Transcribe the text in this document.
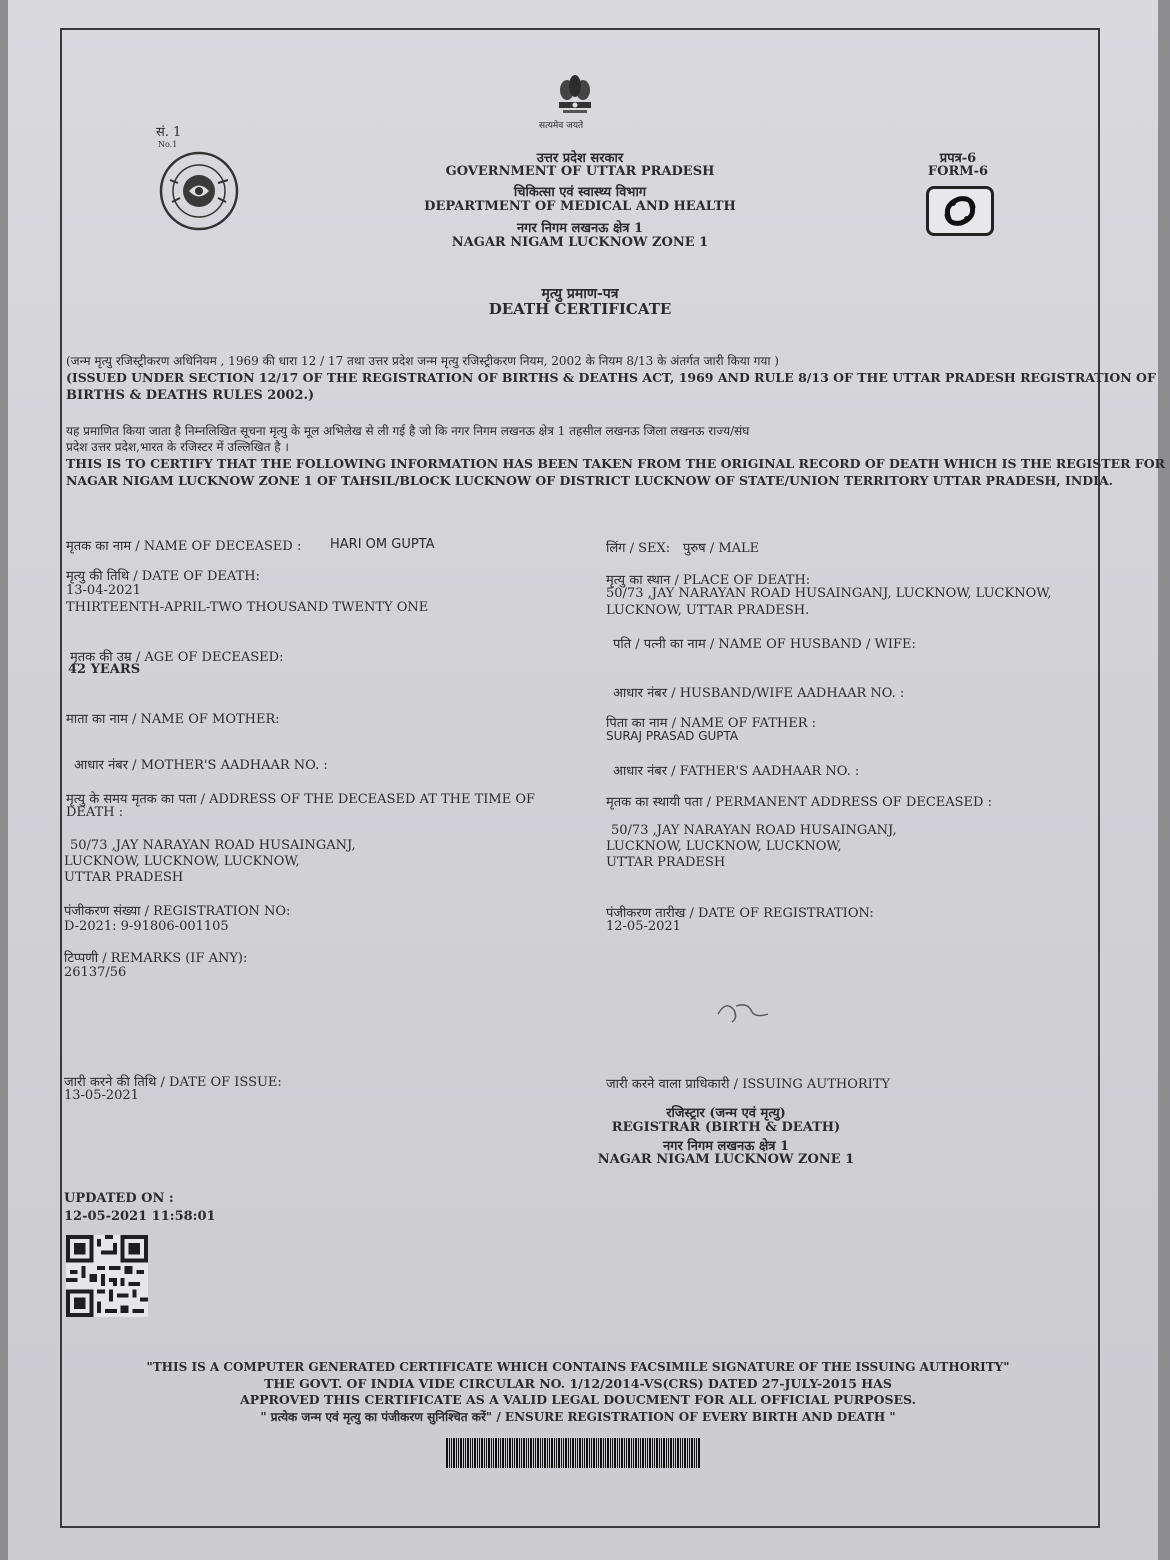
सत्यमेव जयते
सं. 1
No.1
उत्तर प्रदेश सरकार
GOVERNMENT OF UTTAR PRADESH
चिकित्सा एवं स्वास्थ्य विभाग
DEPARTMENT OF MEDICAL AND HEALTH
नगर निगम लखनऊ क्षेत्र 1
NAGAR NIGAM LUCKNOW ZONE 1
प्रपत्र-6
FORM-6
मृत्यु प्रमाण-पत्र
DEATH CERTIFICATE
(जन्म मृत्यु रजिस्ट्रीकरण अधिनियम , 1969 की धारा 12 / 17 तथा उत्तर प्रदेश जन्म मृत्यु रजिस्ट्रीकरण नियम, 2002 के नियम 8/13 के अंतर्गत जारी किया गया )
(ISSUED UNDER SECTION 12/17 OF THE REGISTRATION OF BIRTHS & DEATHS ACT, 1969 AND RULE 8/13 OF THE UTTAR PRADESH REGISTRATION OF
BIRTHS & DEATHS RULES 2002.)
यह प्रमाणित किया जाता है निम्नलिखित सूचना मृत्यु के मूल अभिलेख से ली गई है जो कि नगर निगम लखनऊ क्षेत्र 1 तहसील लखनऊ जिला लखनऊ राज्य/संघ
प्रदेश उत्तर प्रदेश,भारत के रजिस्टर में उल्लिखित है ।
THIS IS TO CERTIFY THAT THE FOLLOWING INFORMATION HAS BEEN TAKEN FROM THE ORIGINAL RECORD OF DEATH WHICH IS THE REGISTER FOR
NAGAR NIGAM LUCKNOW ZONE 1 OF TAHSIL/BLOCK LUCKNOW OF DISTRICT LUCKNOW OF STATE/UNION TERRITORY UTTAR PRADESH, INDIA.
मृतक का नाम / NAME OF DECEASED : HARI OM GUPTA
मृत्यु की तिथि / DATE OF DEATH:
13-04-2021
THIRTEENTH-APRIL-TWO THOUSAND TWENTY ONE
मृतक की उम्र / AGE OF DECEASED:
42 YEARS
माता का नाम / NAME OF MOTHER:
आधार नंबर / MOTHER'S AADHAAR NO. :
मृत्यु के समय मृतक का पता / ADDRESS OF THE DECEASED AT THE TIME OF
DEATH :
50/73 ,JAY NARAYAN ROAD HUSAINGANJ,
LUCKNOW, LUCKNOW, LUCKNOW,
UTTAR PRADESH
पंजीकरण संख्या / REGISTRATION NO:
D-2021: 9-91806-001105
टिप्पणी / REMARKS (IF ANY):
26137/56
लिंग / SEX: पुरुष / MALE
मृत्यु का स्थान / PLACE OF DEATH:
50/73 ,JAY NARAYAN ROAD HUSAINGANJ, LUCKNOW, LUCKNOW,
LUCKNOW, UTTAR PRADESH.
पति / पत्नी का नाम / NAME OF HUSBAND / WIFE:
आधार नंबर / HUSBAND/WIFE AADHAAR NO. :
पिता का नाम / NAME OF FATHER :
SURAJ PRASAD GUPTA
आधार नंबर / FATHER'S AADHAAR NO. :
मृतक का स्थायी पता / PERMANENT ADDRESS OF DECEASED :
50/73 ,JAY NARAYAN ROAD HUSAINGANJ,
LUCKNOW, LUCKNOW, LUCKNOW,
UTTAR PRADESH
पंजीकरण तारीख / DATE OF REGISTRATION:
12-05-2021
जारी करने की तिथि / DATE OF ISSUE:
13-05-2021
जारी करने वाला प्राधिकारी / ISSUING AUTHORITY
रजिस्ट्रार (जन्म एवं मृत्यु)
REGISTRAR (BIRTH & DEATH)
नगर निगम लखनऊ क्षेत्र 1
NAGAR NIGAM LUCKNOW ZONE 1
UPDATED ON :
12-05-2021 11:58:01
"THIS IS A COMPUTER GENERATED CERTIFICATE WHICH CONTAINS FACSIMILE SIGNATURE OF THE ISSUING AUTHORITY"
THE GOVT. OF INDIA VIDE CIRCULAR NO. 1/12/2014-VS(CRS) DATED 27-JULY-2015 HAS
APPROVED THIS CERTIFICATE AS A VALID LEGAL DOUCMENT FOR ALL OFFICIAL PURPOSES.
" प्रत्येक जन्म एवं मृत्यु का पंजीकरण सुनिश्चित करें" / ENSURE REGISTRATION OF EVERY BIRTH AND DEATH "
